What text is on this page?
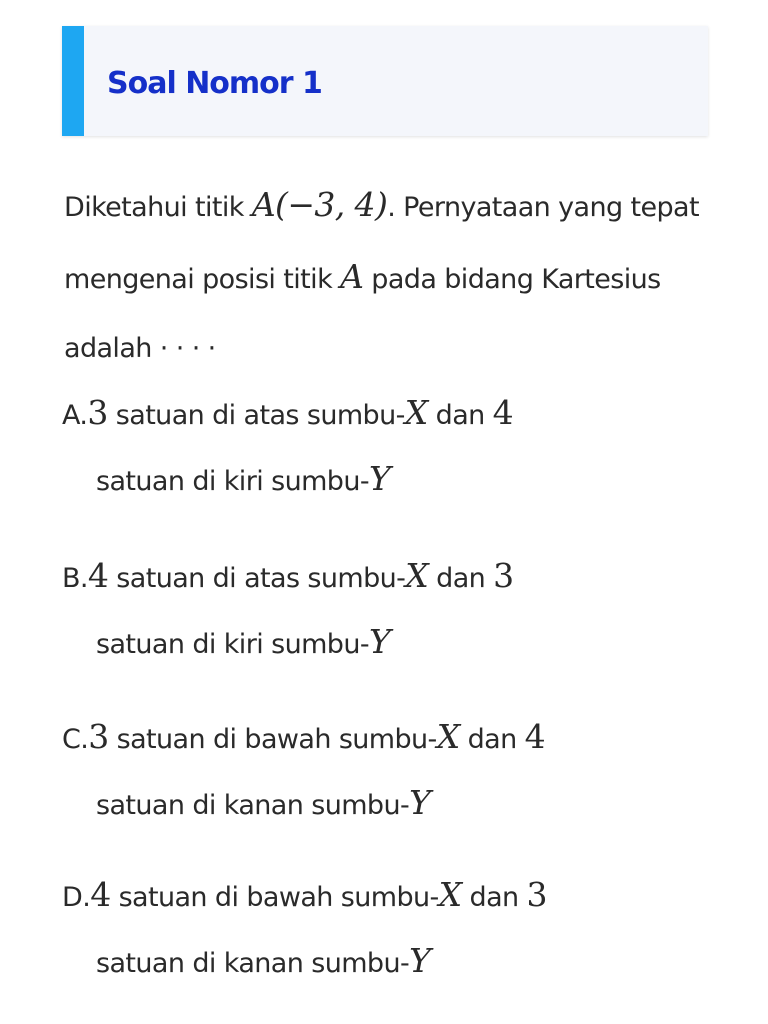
Soal Nomor 1
Diketahui titik A(−3, 4). Pernyataan yang tepat mengenai posisi titik A pada bidang Kartesius adalah · · · ·
A.3 satuan di atas sumbu-X dan 4
satuan di kiri sumbu-Y
B.4 satuan di atas sumbu-X dan 3
satuan di kiri sumbu-Y
C.3 satuan di bawah sumbu-X dan 4
satuan di kanan sumbu-Y
D.4 satuan di bawah sumbu-X dan 3
satuan di kanan sumbu-Y
